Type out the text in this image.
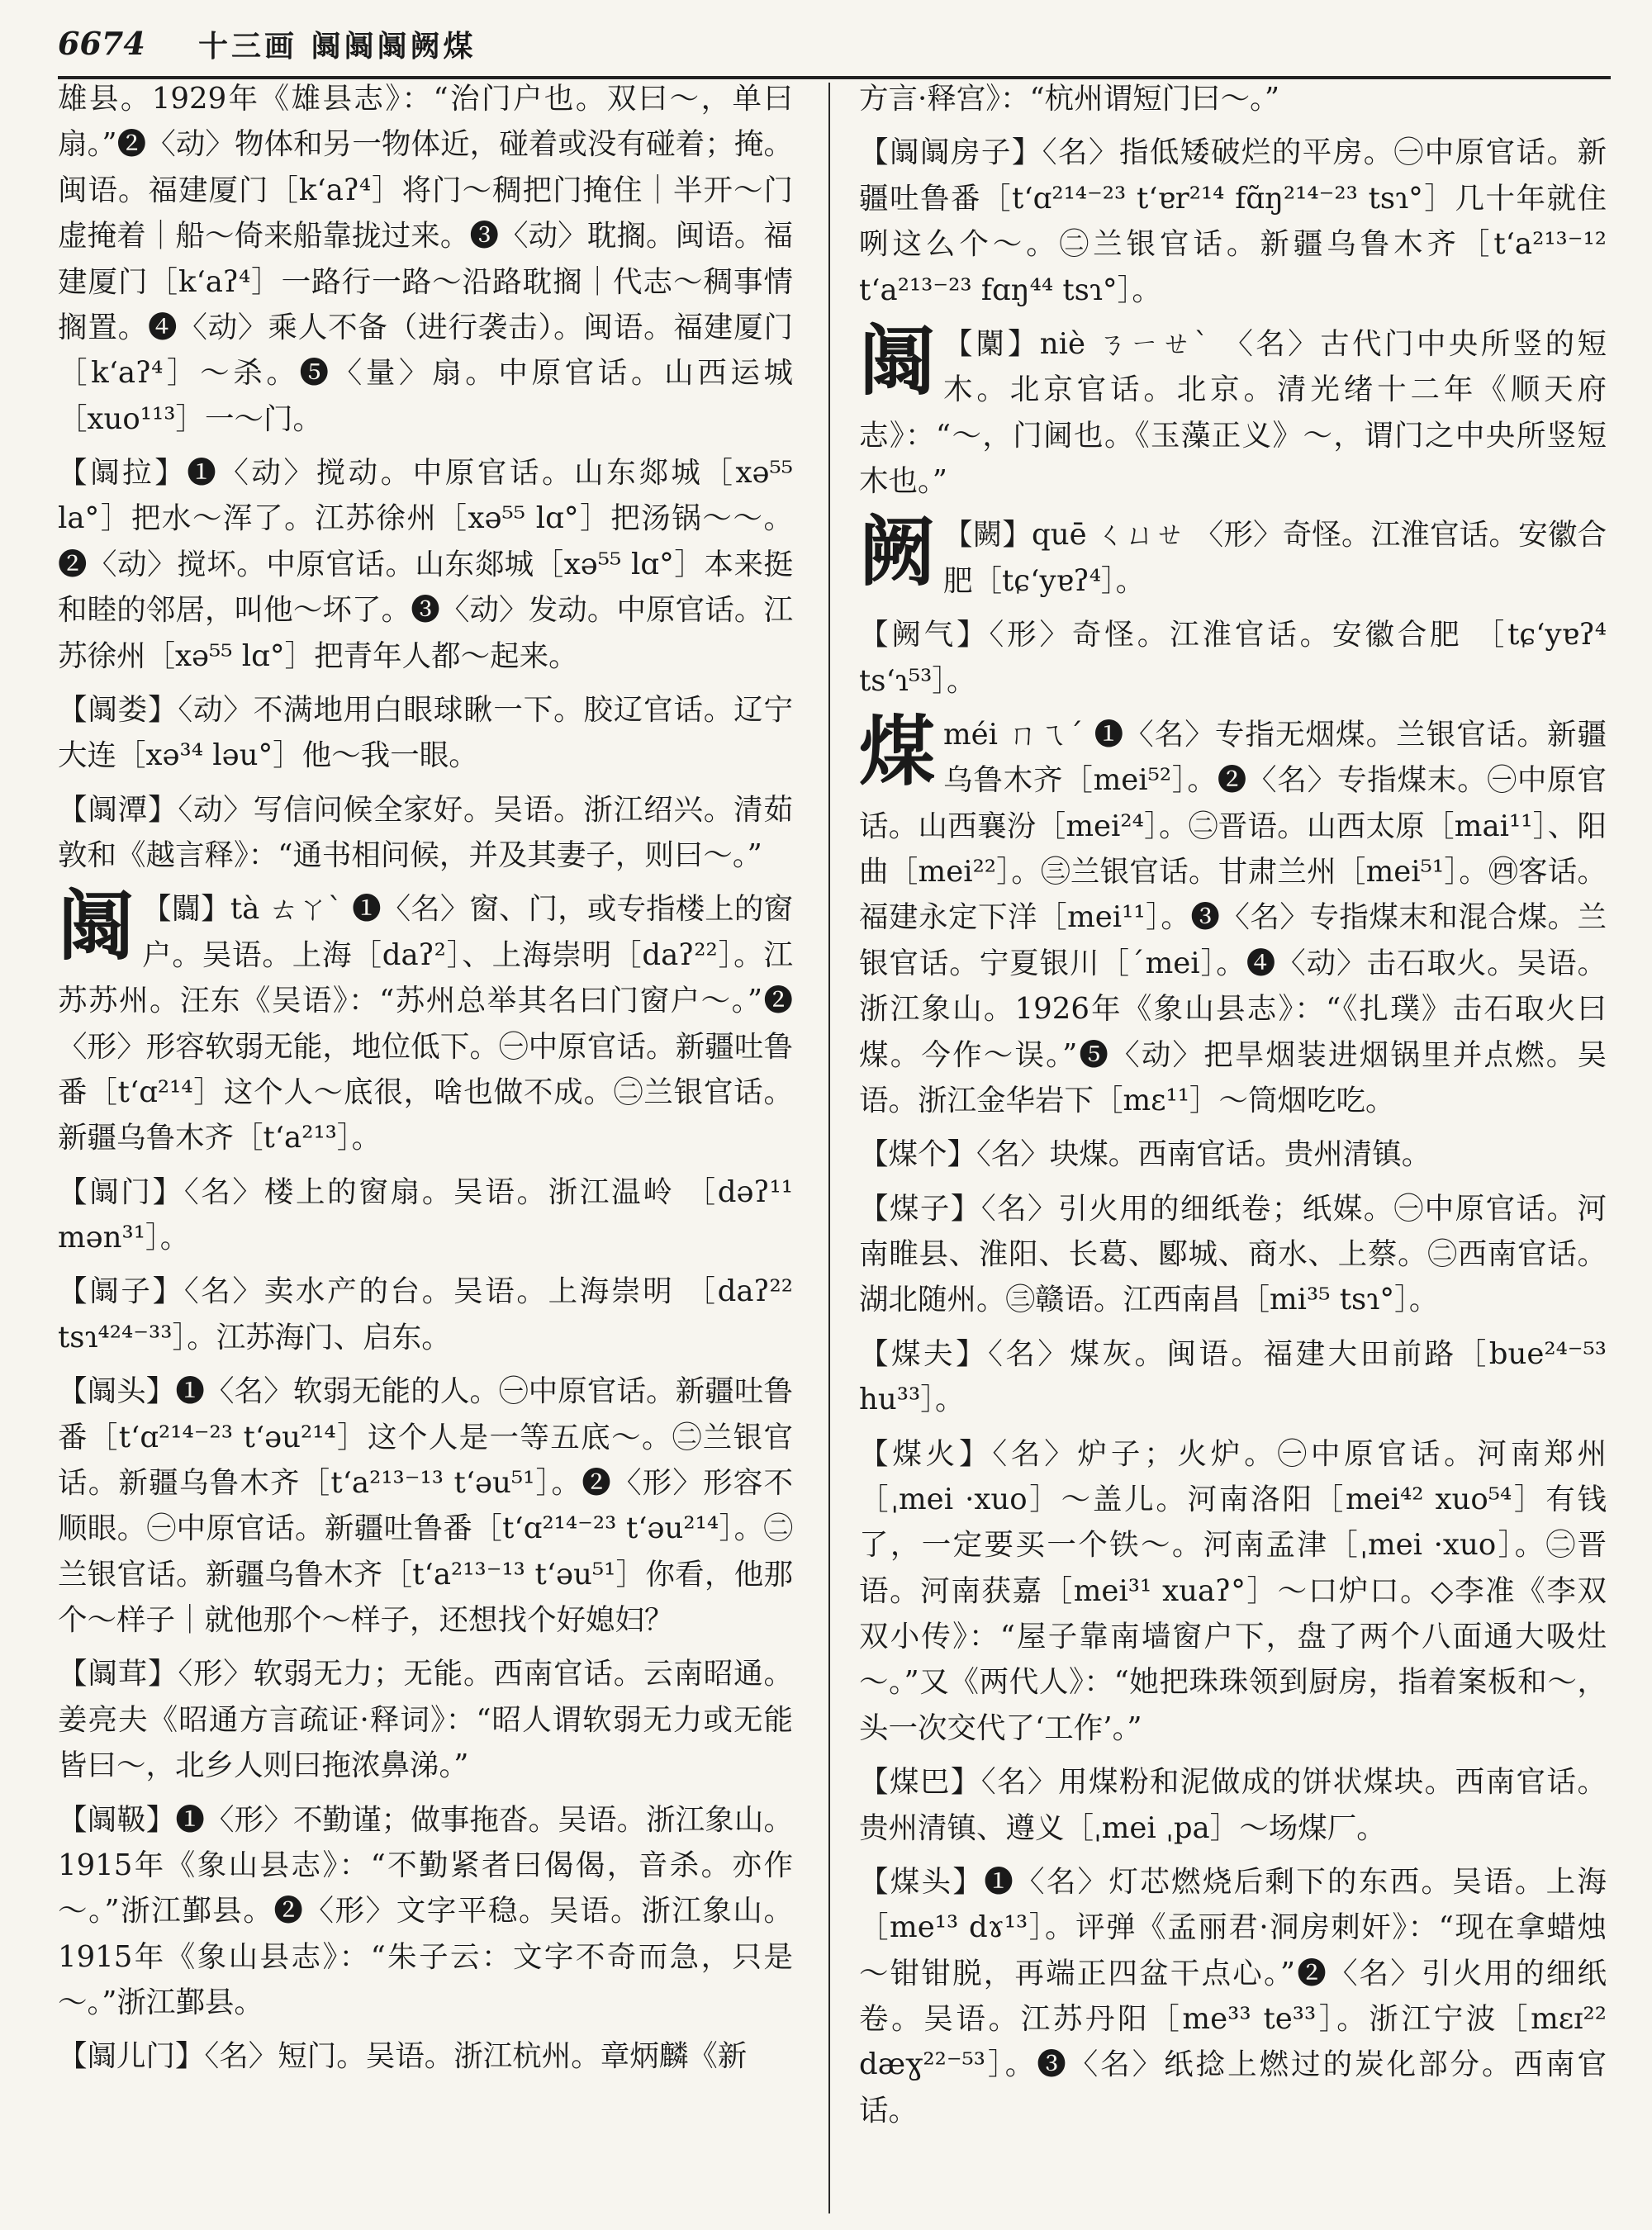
6674 十三画 阘阘阘阙煤
雄县。1929年《雄县志》：“治门户也。双曰～，单曰扇。”❷〈动〉物体和另一物体近，碰着或没有碰着；掩。闽语。福建厦门［k‘aʔ⁴］将门～稠把门掩住｜半开～门虚掩着｜船～倚来船靠拢过来。❸〈动〉耽搁。闽语。福建厦门［k‘aʔ⁴］一路行一路～沿路耽搁｜代志～稠事情搁置。❹〈动〉乘人不备（进行袭击）。闽语。福建厦门［k‘aʔ⁴］～杀。❺〈量〉扇。中原官话。山西运城［xuo¹¹³］一～门。
【阘拉】❶〈动〉搅动。中原官话。山东郯城［xə⁵⁵ la°］把水～浑了。江苏徐州［xə⁵⁵ lɑ°］把汤锅～～。❷〈动〉搅坏。中原官话。山东郯城［xə⁵⁵ lɑ°］本来挺和睦的邻居，叫他～坏了。❸〈动〉发动。中原官话。江苏徐州［xə⁵⁵ lɑ°］把青年人都～起来。
【阘娄】〈动〉不满地用白眼球瞅一下。胶辽官话。辽宁大连［xə³⁴ ləu°］他～我一眼。
【阘潭】〈动〉写信问候全家好。吴语。浙江绍兴。清茹敦和《越言释》：“通书相问候，并及其妻子，则曰～。”
阘 【闒】tà ㄊㄚˋ ❶〈名〉窗、门，或专指楼上的窗户。吴语。上海［daʔ²］、上海崇明［daʔ²²］。江苏苏州。汪东《吴语》：“苏州总举其名曰门窗户～。”❷〈形〉形容软弱无能，地位低下。㊀中原官话。新疆吐鲁番［t‘ɑ²¹⁴］这个人～底很，啥也做不成。㊁兰银官话。新疆乌鲁木齐［t‘a²¹³］。
【阘门】〈名〉楼上的窗扇。吴语。浙江温岭 ［dəʔ¹¹ mən³¹］。
【阘子】〈名〉卖水产的台。吴语。上海崇明 ［daʔ²² tsɿ⁴²⁴⁻³³］。江苏海门、启东。
【阘头】❶〈名〉软弱无能的人。㊀中原官话。新疆吐鲁番［t‘ɑ²¹⁴⁻²³ t‘əu²¹⁴］这个人是一等五底～。㊁兰银官话。新疆乌鲁木齐［t‘a²¹³⁻¹³ t‘əu⁵¹］。❷〈形〉形容不顺眼。㊀中原官话。新疆吐鲁番［t‘ɑ²¹⁴⁻²³ t‘əu²¹⁴］。㊁兰银官话。新疆乌鲁木齐［t‘a²¹³⁻¹³ t‘əu⁵¹］你看，他那个～样子｜就他那个～样子，还想找个好媳妇？
【阘茸】〈形〉软弱无力；无能。西南官话。云南昭通。姜亮夫《昭通方言疏证·释词》：“昭人谓软弱无力或无能皆曰～，北乡人则曰拖浓鼻涕。”
【阘靸】❶〈形〉不勤谨；做事拖沓。吴语。浙江象山。1915年《象山县志》：“不勤紧者曰偈偈，音杀。亦作～。”浙江鄞县。❷〈形〉文字平稳。吴语。浙江象山。1915年《象山县志》：“朱子云：文字不奇而急，只是～。”浙江鄞县。
【阘儿门】〈名〉短门。吴语。浙江杭州。章炳麟《新
方言·释宫》：“杭州谓短门曰～。”
【阘阘房子】〈名〉指低矮破烂的平房。㊀中原官话。新疆吐鲁番［t‘ɑ²¹⁴⁻²³ t‘ɐr²¹⁴ fɑ̃ŋ²¹⁴⁻²³ tsɿ°］几十年就住咧这么个～。㊁兰银官话。新疆乌鲁木齐［t‘a²¹³⁻¹² t‘a²¹³⁻²³ fɑŋ⁴⁴ tsɿ°］。
阘 【闑】niè ㄋㄧㄝˋ 〈名〉古代门中央所竖的短木。北京官话。北京。清光绪十二年《顺天府志》：“～，门阃也。《玉藻正义》～，谓门之中央所竖短木也。”
阙 【闕】quē ㄑㄩㄝ 〈形〉奇怪。江淮官话。安徽合肥［tɕ‘yɐʔ⁴］。
【阙气】〈形〉奇怪。江淮官话。安徽合肥 ［tɕ‘yɐʔ⁴ ts‘ɿ⁵³］。
煤méi ㄇㄟˊ ❶〈名〉专指无烟煤。兰银官话。新疆乌鲁木齐［mei⁵²］。❷〈名〉专指煤末。㊀中原官话。山西襄汾［mei²⁴］。㊁晋语。山西太原［mai¹¹］、阳曲［mei²²］。㊂兰银官话。甘肃兰州［mei⁵¹］。㊃客话。福建永定下洋［mei¹¹］。❸〈名〉专指煤末和混合煤。兰银官话。宁夏银川［ˊmei］。❹〈动〉击石取火。吴语。浙江象山。1926年《象山县志》：“《扎璞》击石取火曰煤。今作～误。”❺〈动〉把旱烟装进烟锅里并点燃。吴语。浙江金华岩下［mɛ¹¹］～筒烟吃吃。
【煤个】〈名〉块煤。西南官话。贵州清镇。
【煤子】〈名〉引火用的细纸卷；纸媒。㊀中原官话。河南睢县、淮阳、长葛、郾城、商水、上蔡。㊁西南官话。湖北随州。㊂赣语。江西南昌［mi³⁵ tsɿ°］。
【煤夫】〈名〉煤灰。闽语。福建大田前路［bue²⁴⁻⁵³ hu³³］。
【煤火】〈名〉炉子；火炉。㊀中原官话。河南郑州［ˌmei ·xuo］～盖儿。河南洛阳［mei⁴² xuo⁵⁴］有钱了，一定要买一个铁～。河南孟津［ˌmei ·xuo］。㊁晋语。河南获嘉［mei³¹ xuaʔ°］～口炉口。◇李准《李双双小传》：“屋子靠南墙窗户下，盘了两个八面通大吸灶～。”又《两代人》：“她把珠珠领到厨房，指着案板和～，头一次交代了‘工作’。”
【煤巴】〈名〉用煤粉和泥做成的饼状煤块。西南官话。贵州清镇、遵义［ˌmei ˌpa］～场煤厂。
【煤头】❶〈名〉灯芯燃烧后剩下的东西。吴语。上海［me¹³ dɤ¹³］。评弹《孟丽君·洞房刺奸》：“现在拿蜡烛～钳钳脱，再端正四盆干点心。”❷〈名〉引火用的细纸卷。吴语。江苏丹阳［me³³ te³³］。浙江宁波［mɛɪ²² dæɣ²²⁻⁵³］。❸〈名〉纸捻上燃过的炭化部分。西南官话。
